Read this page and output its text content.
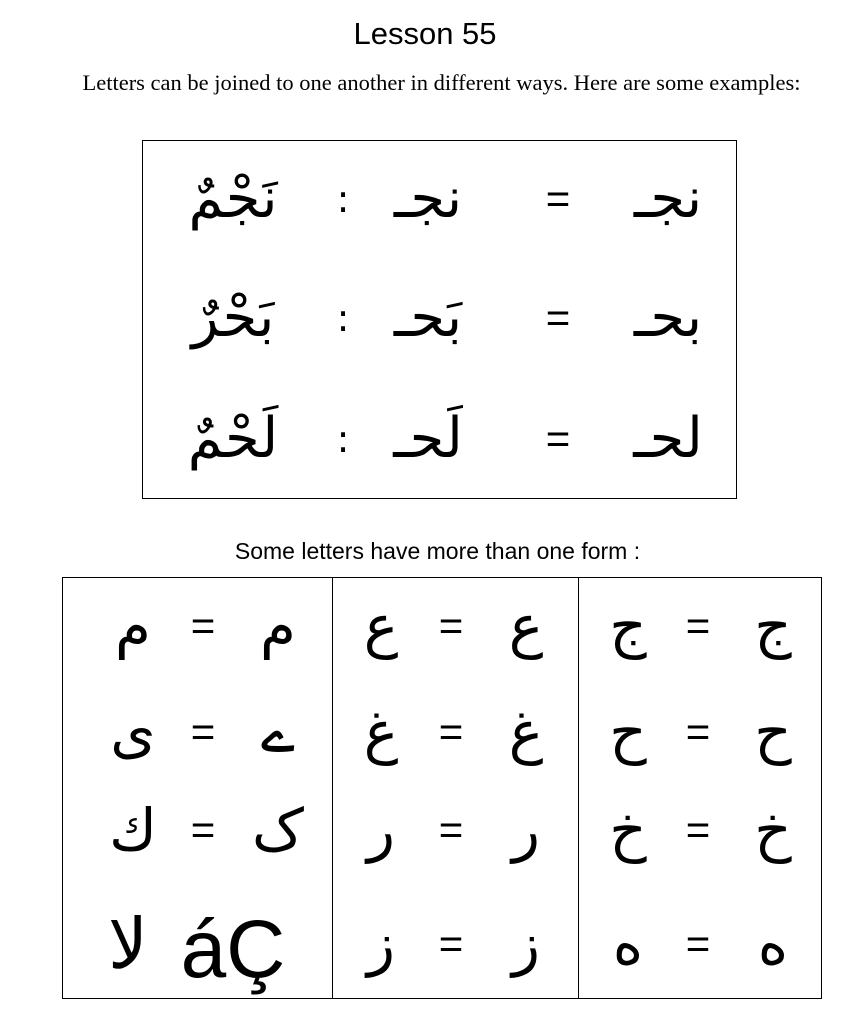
Lesson 55
Letters can be joined to one another in different ways. Here are some examples:
نَجْمٌ	: نجـ	=	نجـ
بَحْرٌ	: بَحـ	=	بحـ
لَحْمٌ	: لَحـ	=	لحـ
Some letters have more than one form :
م = م
ى = ے
ك = ک
لا áÇ
ع = ع
غ = غ
ر	= ر
ز	= ز
ج = ج
ح = ح
خ = خ
ه	= ه
